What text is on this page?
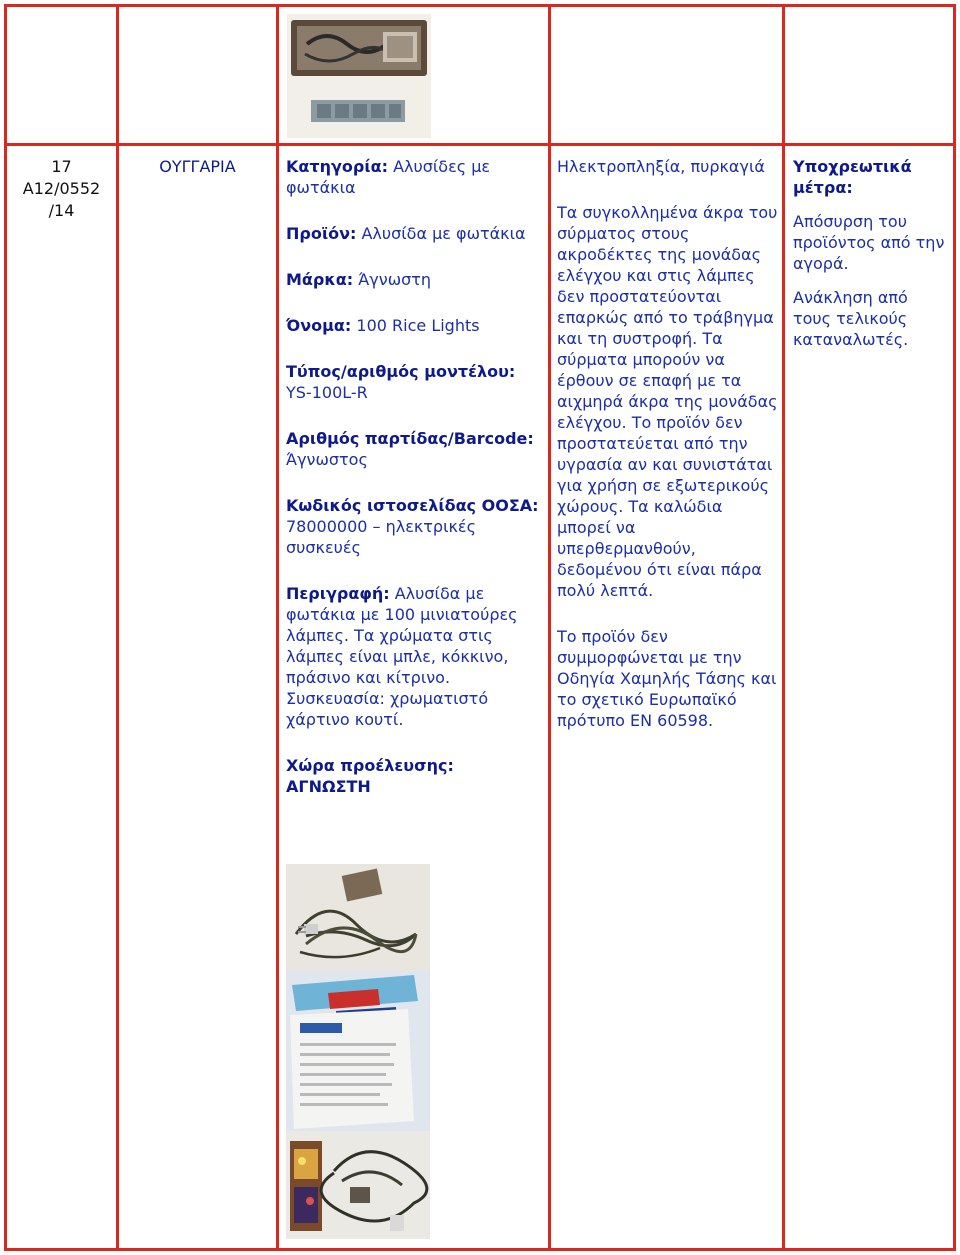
17
A12/0552
/14
ΟΥΓΓΑΡΙΑ	Κατηγορία: Αλυσίδες με φωτάκια

Προϊόν: Αλυσίδα με φωτάκια

Μάρκα: Άγνωστη

Όνομα: 100 Rice Lights

Τύπος/αριθμός μοντέλου: YS-100L-R

Αριθμός παρτίδας/Barcode: Άγνωστος

Κωδικός ιστοσελίδας ΟΟΣΑ: 78000000 – ηλεκτρικές συσκευές

Περιγραφή: Αλυσίδα με φωτάκια με 100 μινιατούρες λάμπες. Τα χρώματα στις λάμπες είναι μπλε, κόκκινο, πράσινο και κίτρινο. Συσκευασία: χρωματιστό χάρτινο κουτί.

Χώρα προέλευσης:
ΑΓΝΩΣΤΗ

Ηλεκτροπληξία, πυρκαγιά

Τα συγκολλημένα άκρα του σύρματος στους ακροδέκτες της μονάδας ελέγχου και στις λάμπες δεν προστατεύονται επαρκώς από το τράβηγμα και τη συστροφή. Τα σύρματα μπορούν να έρθουν σε επαφή με τα αιχμηρά άκρα της μονάδας ελέγχου. Το προϊόν δεν προστατεύεται από την υγρασία αν και συνιστάται για χρήση σε εξωτερικούς χώρους. Τα καλώδια μπορεί να υπερθερμανθούν, δεδομένου ότι είναι πάρα πολύ λεπτά.

Το προϊόν δεν συμμορφώνεται με την Οδηγία Χαμηλής Τάσης και το σχετικό Ευρωπαϊκό πρότυπο EN 60598.

Υποχρεωτικά μέτρα:

Απόσυρση του προϊόντος από την αγορά.

Ανάκληση από τους τελικούς καταναλωτές.
